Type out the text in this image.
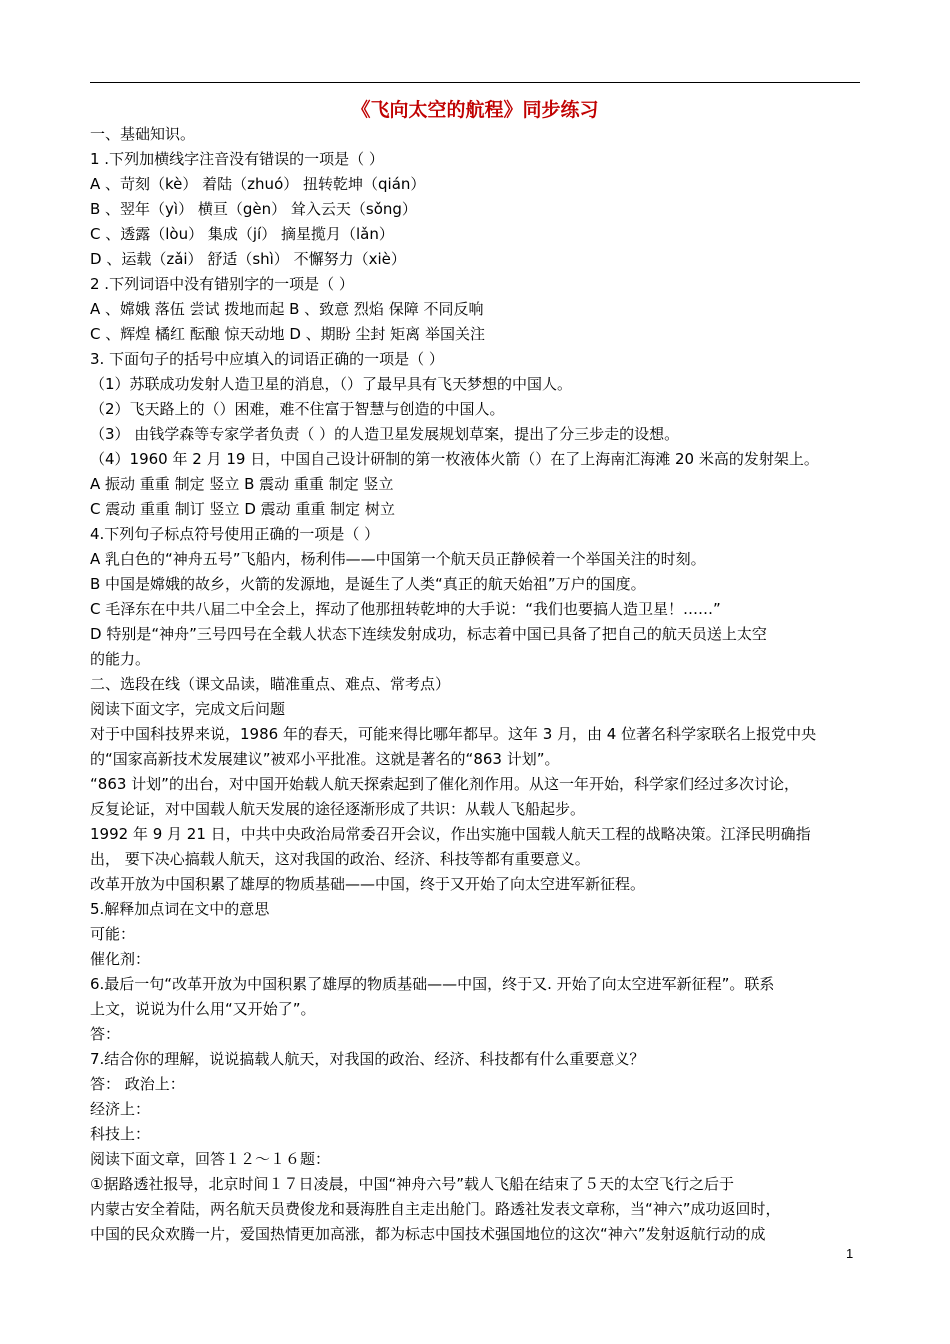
《飞向太空的航程》同步练习
一、基础知识。
1 .下列加横线字注音没有错误的一项是（ ）
A 、苛刻（kè） 着陆（zhuó） 扭转乾坤（qián）
B 、翌年（yì） 横亘（gèn） 耸入云天（sǒng）
C 、透露（lòu） 集成（jí） 摘星揽月（lǎn）
D 、运载（zǎi） 舒适（shì） 不懈努力（xiè）
2 .下列词语中没有错别字的一项是（ ）
A 、嫦娥 落伍 尝试 拨地而起 B 、致意 烈焰 保障 不同反响
C 、辉煌 橘红 酝酿 惊天动地 D 、期盼 尘封 矩离 举国关注
3. 下面句子的括号中应填入的词语正确的一项是（ ）
（1）苏联成功发射人造卫星的消息，（）了最早具有飞天梦想的中国人。
（2）飞天路上的（）困难，难不住富于智慧与创造的中国人。
（3） 由钱学森等专家学者负责（ ）的人造卫星发展规划草案，提出了分三步走的设想。
（4）1960 年 2 月 19 日，中国自己设计研制的第一枚液体火箭（）在了上海南汇海滩 20 米高的发射架上。
A 振动 重重 制定 竖立 B 震动 重重 制定 竖立
C 震动 重重 制订 竖立 D 震动 重重 制定 树立
4.下列句子标点符号使用正确的一项是（ ）
A 乳白色的“神舟五号”飞船内，杨利伟——中国第一个航天员正静候着一个举国关注的时刻。
B 中国是嫦娥的故乡，火箭的发源地，是诞生了人类“真正的航天始祖”万户的国度。
C 毛泽东在中共八届二中全会上，挥动了他那扭转乾坤的大手说：“我们也要搞人造卫星！……”
D 特别是“神舟”三号四号在全载人状态下连续发射成功，标志着中国已具备了把自己的航天员送上太空
的能力。
二、选段在线（课文品读，瞄准重点、难点、常考点）
阅读下面文字，完成文后问题
对于中国科技界来说，1986 年的春天，可能来得比哪年都早。这年 3 月，由 4 位著名科学家联名上报党中央
的“国家高新技术发展建议”被邓小平批准。这就是著名的“863 计划”。
“863 计划”的出台，对中国开始载人航天探索起到了催化剂作用。从这一年开始，科学家们经过多次讨论，
反复论证，对中国载人航天发展的途径逐渐形成了共识：从载人飞船起步。
1992 年 9 月 21 日，中共中央政治局常委召开会议，作出实施中国载人航天工程的战略决策。江泽民明确指
出， 要下决心搞载人航天，这对我国的政治、经济、科技等都有重要意义。
改革开放为中国积累了雄厚的物质基础——中国，终于又开始了向太空进军新征程。
5.解释加点词在文中的意思
可能：
催化剂：
6.最后一句“改革开放为中国积累了雄厚的物质基础——中国，终于又. 开始了向太空进军新征程”。联系
上文，说说为什么用“又开始了”。
答：
7.结合你的理解，说说搞载人航天，对我国的政治、经济、科技都有什么重要意义？
答： 政治上：
经济上：
科技上：
阅读下面文章，回答１２～１６题：
①据路透社报导，北京时间１７日凌晨，中国“神舟六号”载人飞船在结束了５天的太空飞行之后于
内蒙古安全着陆，两名航天员费俊龙和聂海胜自主走出舱门。路透社发表文章称，当“神六”成功返回时，
中国的民众欢腾一片，爱国热情更加高涨，都为标志中国技术强国地位的这次“神六”发射返航行动的成
1
